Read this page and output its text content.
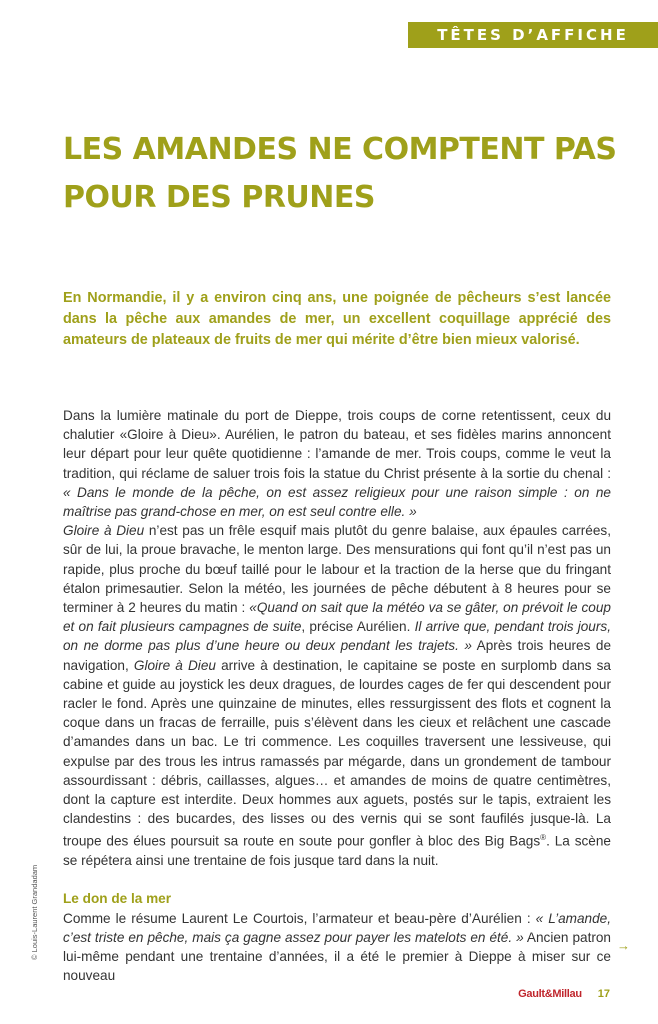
TÊTES D’AFFICHE
LES AMANDES NE COMPTENT PAS
POUR DES PRUNES

En Normandie, il y a environ cinq ans, une poignée de pêcheurs s’est lancée dans la pêche aux amandes de mer, un excellent coquillage apprécié des amateurs de plateaux de fruits de mer qui mérite d’être bien mieux valorisé.

Dans la lumière matinale du port de Dieppe, trois coups de corne retentissent, ceux du chalutier «Gloire à Dieu». Aurélien, le patron du bateau, et ses fidèles marins annoncent leur départ pour leur quête quotidienne : l’amande de mer. Trois coups, comme le veut la tradition, qui réclame de saluer trois fois la statue du Christ présente à la sortie du chenal : « Dans le monde de la pêche, on est assez religieux pour une raison simple : on ne maîtrise pas grand-chose en mer, on est seul contre elle. »

Gloire à Dieu n’est pas un frêle esquif mais plutôt du genre balaise, aux épaules carrées, sûr de lui, la proue bravache, le menton large. Des mensurations qui font qu’il n’est pas un rapide, plus proche du bœuf taillé pour le labour et la traction de la herse que du fringant étalon primesautier. Selon la météo, les journées de pêche débutent à 8 heures pour se terminer à 2 heures du matin : «Quand on sait que la météo va se gâter, on prévoit le coup et on fait plusieurs campagnes de suite, précise Aurélien. Il arrive que, pendant trois jours, on ne dorme pas plus d’une heure ou deux pendant les trajets. » Après trois heures de navigation, Gloire à Dieu arrive à destination, le capitaine se poste en surplomb dans sa cabine et guide au joystick les deux dragues, de lourdes cages de fer qui descendent pour racler le fond. Après une quinzaine de minutes, elles ressurgissent des flots et cognent la coque dans un fracas de ferraille, puis s’élèvent dans les cieux et relâchent une cascade d’amandes dans un bac. Le tri commence. Les coquilles traversent une lessiveuse, qui expulse par des trous les intrus ramassés par mégarde, dans un grondement de tambour assourdissant : débris, caillasses, algues… et amandes de moins de quatre centimètres, dont la capture est interdite. Deux hommes aux aguets, postés sur le tapis, extraient les clandestins : des bucardes, des lisses ou des vernis qui se sont faufilés jusque-là. La troupe des élues poursuit sa route en soute pour gonfler à bloc des Big Bags®. La scène se répétera ainsi une trentaine de fois jusque tard dans la nuit.

Le don de la mer

Comme le résume Laurent Le Courtois, l’armateur et beau-père d’Aurélien : « L’amande, c’est triste en pêche, mais ça gagne assez pour payer les matelots en été. » Ancien patron lui-même pendant une trentaine d’années, il a été le premier à Dieppe à miser sur ce nouveau

→
© Louis-Laurent Grandadam
Gault&Millau 17
